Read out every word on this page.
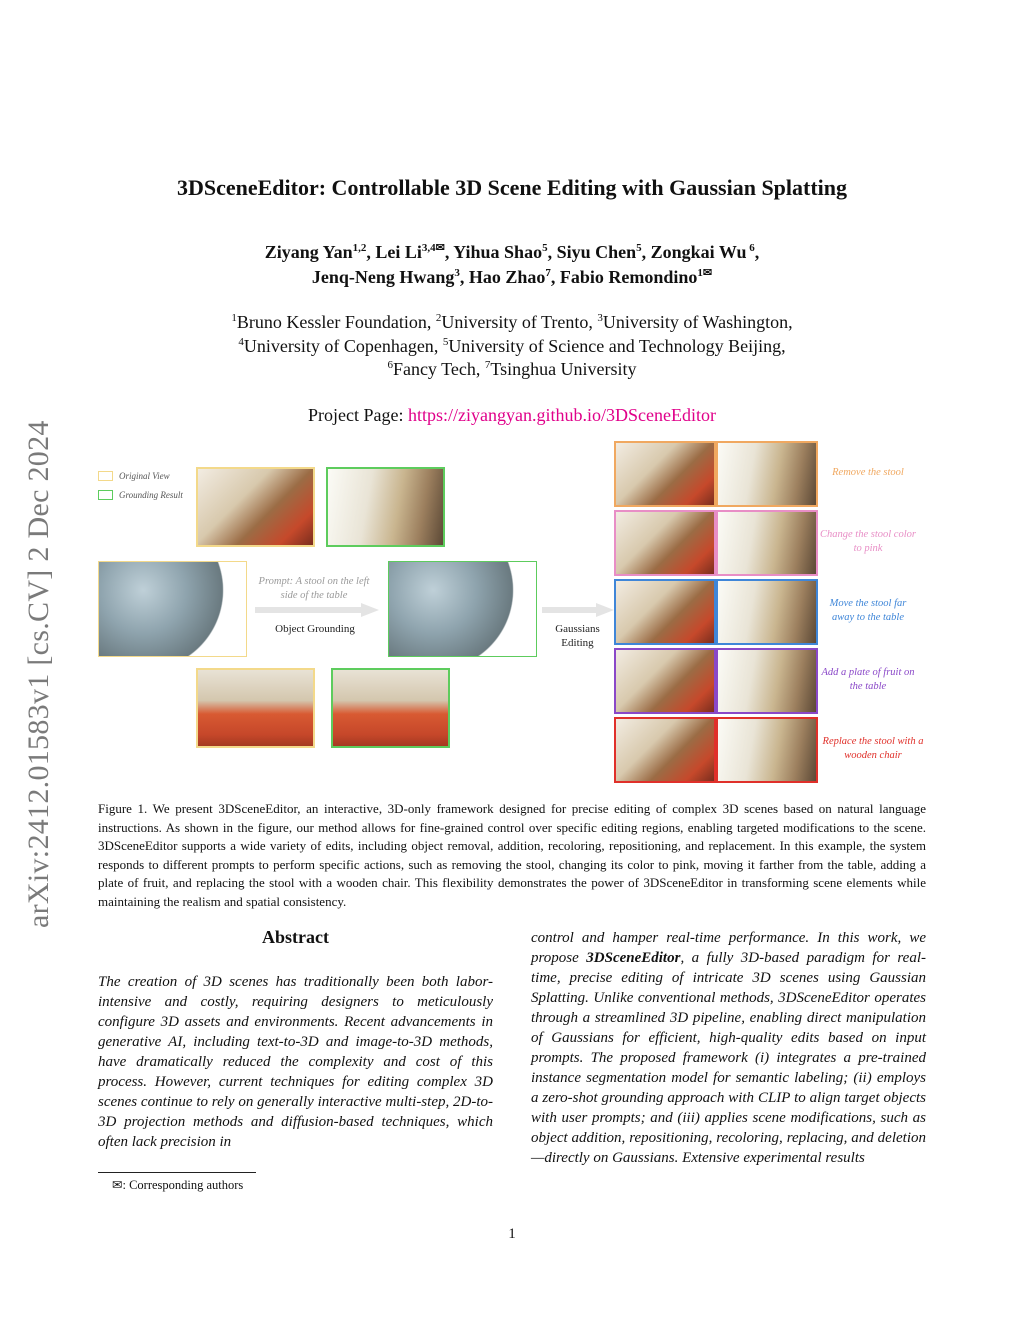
arXiv:2412.01583v1 [cs.CV] 2 Dec 2024
3DSceneEditor: Controllable 3D Scene Editing with Gaussian Splatting
Ziyang Yan$^{1,2}$, Lei $Li^{3,4✉}$, Yihua Shao$^5$, Siyu Chen$^5$, Zongkai Wu $^6$,
Jenq-Neng Hwang$^3$, Hao Zhao$^7$, Fabio Remondino$^{1✉}$
$^1$Bruno Kessler Foundation, $^2$University of Trento, $^3$University of Washington,
$^4$University of Copenhagen, $^5$University of Science and Technology Beijing,
$^6$Fancy Tech, $^7$Tsinghua University
Project Page: https://ziyangyan.github.io/3DSceneEditor
Original View
Grounding Result
Prompt: A stool on the left side of the table
Object Grounding	Gaussians Editing
Remove the stool
Change the stool color to pink
Move the stool far away to the table
Add a plate of fruit on the table
Replace the stool with a wooden chair
Figure 1. We present 3DSceneEditor, an interactive, 3D-only framework designed for precise editing of complex 3D scenes based on natural language instructions. As shown in the figure, our method allows for fine-grained control over specific editing regions, enabling targeted modifications to the scene. 3DSceneEditor supports a wide variety of edits, including object removal, addition, recoloring, repositioning, and replacement. In this example, the system responds to different prompts to perform specific actions, such as removing the stool, changing its color to pink, moving it farther from the table, adding a plate of fruit, and replacing the stool with a wooden chair. This flexibility demonstrates the power of 3DSceneEditor in transforming scene elements while maintaining the realism and spatial consistency.
Abstract
The creation of 3D scenes has traditionally been both labor-intensive and costly, requiring designers to meticulously configure 3D assets and environments. Recent advancements in generative AI, including text-to-3D and image-to-3D methods, have dramatically reduced the complexity and cost of this process. However, current techniques for editing complex 3D scenes continue to rely on generally interactive multi-step, 2D-to-3D projection methods and diffusion-based techniques, which often lack precision in
control and hamper real-time performance. In this work, we propose 3DSceneEditor, a fully 3D-based paradigm for real-time, precise editing of intricate 3D scenes using Gaussian Splatting. Unlike conventional methods, 3DSceneEditor operates through a streamlined 3D pipeline, enabling direct manipulation of Gaussians for efficient, high-quality edits based on input prompts. The proposed framework (i) integrates a pre-trained instance segmentation model for semantic labeling; (ii) employs a zero-shot grounding approach with CLIP to align target objects with user prompts; and (iii) applies scene modifications, such as object addition, repositioning, recoloring, replacing, and deletion—directly on Gaussians. Extensive experimental results
✉: Corresponding authors
1
